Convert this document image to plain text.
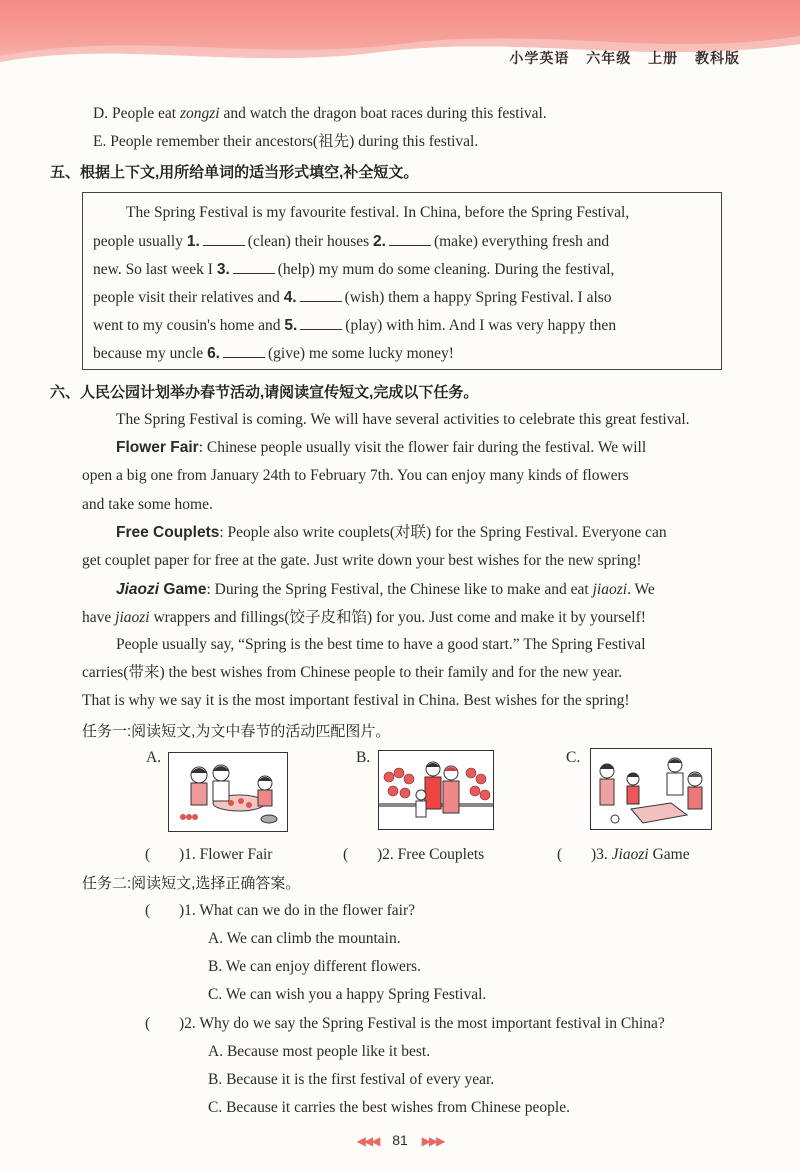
小学英语 六年级 上册 教科版
D. People eat zongzi and watch the dragon boat races during this festival.
E. People remember their ancestors(祖先) during this festival.
五、根据上下文,用所给单词的适当形式填空,补全短文。
The Spring Festival is my favourite festival. In China, before the Spring Festival,
people usually 1.	(clean) their houses 2.	(make) everything fresh and
new. So last week I 3.	(help) my mum do some cleaning. During the festival,
people visit their relatives and 4.	(wish) them a happy Spring Festival. I also
went to my cousin's home and 5.	(play) with him. And I was very happy then
because my uncle 6.	(give) me some lucky money!
六、人民公园计划举办春节活动,请阅读宣传短文,完成以下任务。
The Spring Festival is coming. We will have several activities to celebrate this great festival.
Flower Fair: Chinese people usually visit the flower fair during the festival. We will
open a big one from January 24th to February 7th. You can enjoy many kinds of flowers
and take some home.
Free Couplets: People also write couplets(对联) for the Spring Festival. Everyone can
get couplet paper for free at the gate. Just write down your best wishes for the new spring!
Jiaozi Game: During the Spring Festival, the Chinese like to make and eat jiaozi. We
have jiaozi wrappers and fillings(饺子皮和馅) for you. Just come and make it by yourself!
People usually say, “Spring is the best time to have a good start.” The Spring Festival
carries(带来) the best wishes from Chinese people to their family and for the new year.
That is why we say it is the most important festival in China. Best wishes for the spring!
任务一:阅读短文,为文中春节的活动匹配图片。
A.	B.	C.
( )1. Flower Fair	( )2. Free Couplets	( )3. Jiaozi Game
任务二:阅读短文,选择正确答案。
( )1. What can we do in the flower fair?
A. We can climb the mountain.
B. We can enjoy different flowers.
C. We can wish you a happy Spring Festival.
( )2. Why do we say the Spring Festival is the most important festival in China?
A. Because most people like it best.
B. Because it is the first festival of every year.
C. Because it carries the best wishes from Chinese people.
◀◀◀ 81 ▶▶▶
